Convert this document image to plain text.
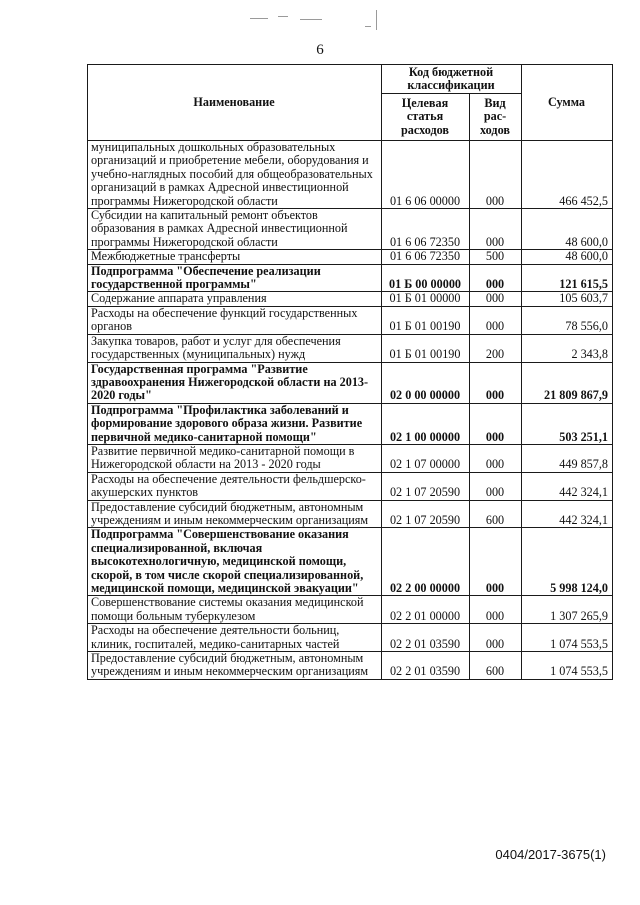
6
Наименование	Код бюджетной классификации		Сумма
	Целевая статья расходов	Вид рас-ходов	
муниципальных дошкольных образовательных организаций и приобретение мебели, оборудования и учебно-наглядных пособий для общеобразовательных организаций в рамках Адресной инвестиционной программы Нижегородской области	01 6 06 00000	000	466 452,5
Субсидии на капитальный ремонт объектов образования в рамках Адресной инвестиционной программы Нижегородской области	01 6 06 72350	000	48 600,0
Межбюджетные трансферты	01 6 06 72350	500	48 600,0
Подпрограмма "Обеспечение реализации государственной программы"	01 Б 00 00000	000	121 615,5
Содержание аппарата управления	01 Б 01 00000	000	105 603,7
Расходы на обеспечение функций государственных органов	01 Б 01 00190	000	78 556,0
Закупка товаров, работ и услуг для обеспечения государственных (муниципальных) нужд	01 Б 01 00190	200	2 343,8
Государственная программа "Развитие здравоохранения Нижегородской области на 2013-2020 годы"	02 0 00 00000	000	21 809 867,9
Подпрограмма "Профилактика заболеваний и формирование здорового образа жизни. Развитие первичной медико-санитарной помощи"	02 1 00 00000	000	503 251,1
Развитие первичной медико-санитарной помощи в Нижегородской области на 2013 - 2020 годы	02 1 07 00000	000	449 857,8
Расходы на обеспечение деятельности фельдшерско-акушерских пунктов	02 1 07 20590	000	442 324,1
Предоставление субсидий бюджетным, автономным учреждениям и иным некоммерческим организациям	02 1 07 20590	600	442 324,1
Подпрограмма "Совершенствование оказания специализированной, включая высокотехнологичную, медицинской помощи, скорой, в том числе скорой специализированной, медицинской помощи, медицинской эвакуации"	02 2 00 00000	000	5 998 124,0
Совершенствование системы оказания медицинской помощи больным туберкулезом	02 2 01 00000	000	1 307 265,9
Расходы на обеспечение деятельности больниц, клиник, госпиталей, медико-санитарных частей	02 2 01 03590	000	1 074 553,5
Предоставление субсидий бюджетным, автономным учреждениям и иным некоммерческим организациям	02 2 01 03590	600	1 074 553,5
0404/2017-3675(1)
